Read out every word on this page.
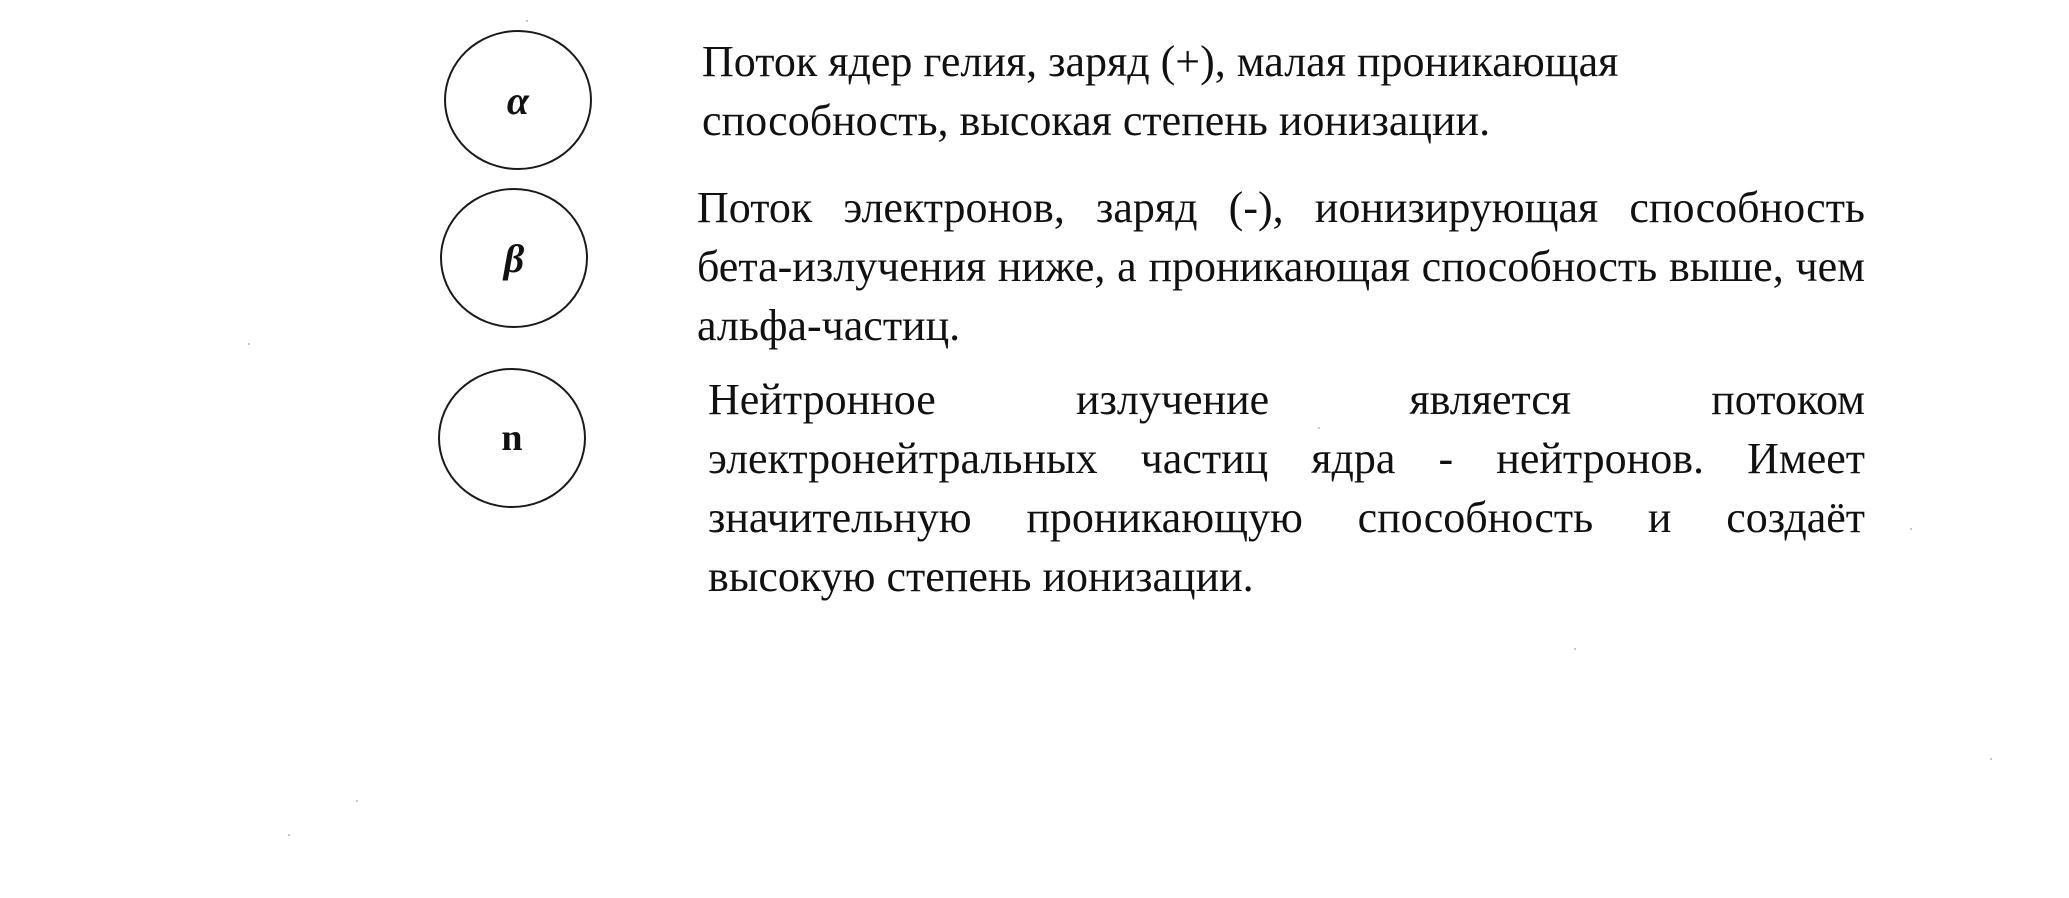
α
Поток ядер гелия, заряд (+), малая проникающая способность, высокая степень ионизации.
β
Поток электронов, заряд (-), ионизирующая способность бета-излучения ниже, а проникающая способность выше, чем альфа-частиц.
n
Нейтронное излучение является потоком электронейтральных частиц ядра - нейтронов. Имеет значительную проникающую способность и создаёт высокую степень ионизации.
